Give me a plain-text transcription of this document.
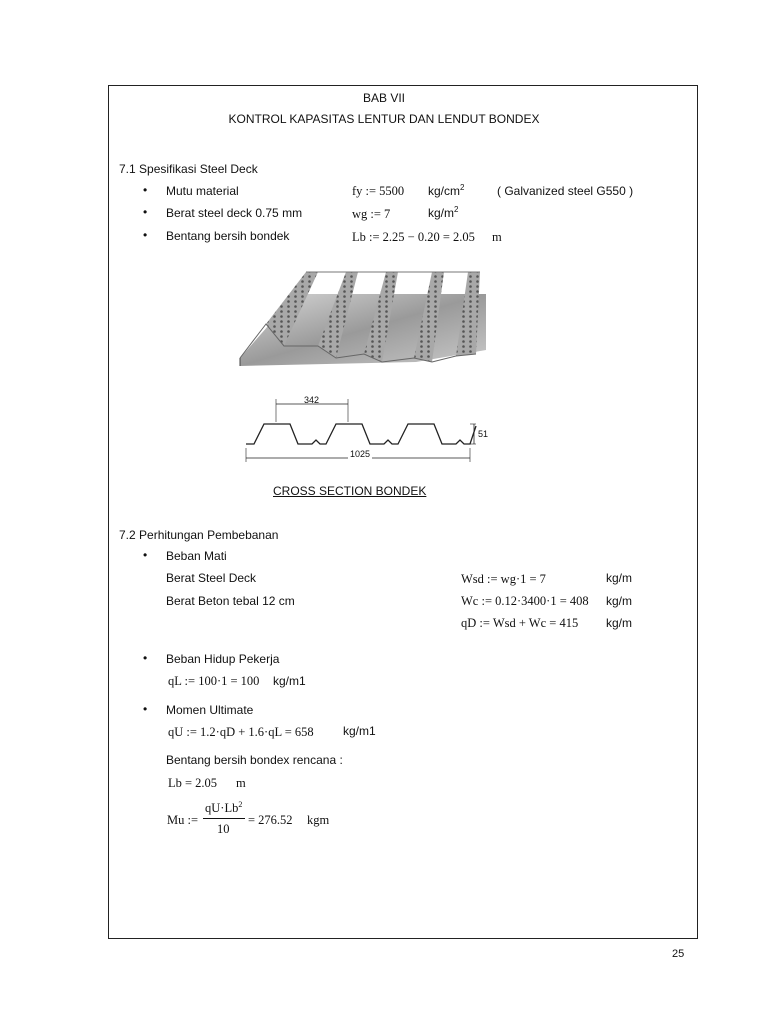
BAB VII
KONTROL KAPASITAS LENTUR DAN LENDUT BONDEX
7.1 Spesifikasi Steel Deck
• Mutu material	fy := 5500 $kg/cm^2$	( Galvanized steel G550 )
• Berat steel deck 0.75 mm	wg := 7	$kg/m^2$
• Bentang bersih bondek	Lb := 2.25 − 0.20 = 2.05 m
342
1025
51
CROSS SECTION BONDEK
7.2 Perhitungan Pembebanan
• Beban Mati
Berat Steel Deck	Wsd := wg·1 = 7	kg/m
Berat Beton tebal 12 cm	Wc := 0.12·3400·1 = 408 kg/m
qD := Wsd + Wc = 415 kg/m
• Beban Hidup Pekerja
qL := 100·1 = 100 kg/m1
• Momen Ultimate
qU := 1.2·qD + 1.6·qL = 658 kg/m1
Bentang bersih bondex rencana :
Lb = 2.05 m
Mu :=
$qU\cdot Lb^2$
10
= 276.52 kgm
25
